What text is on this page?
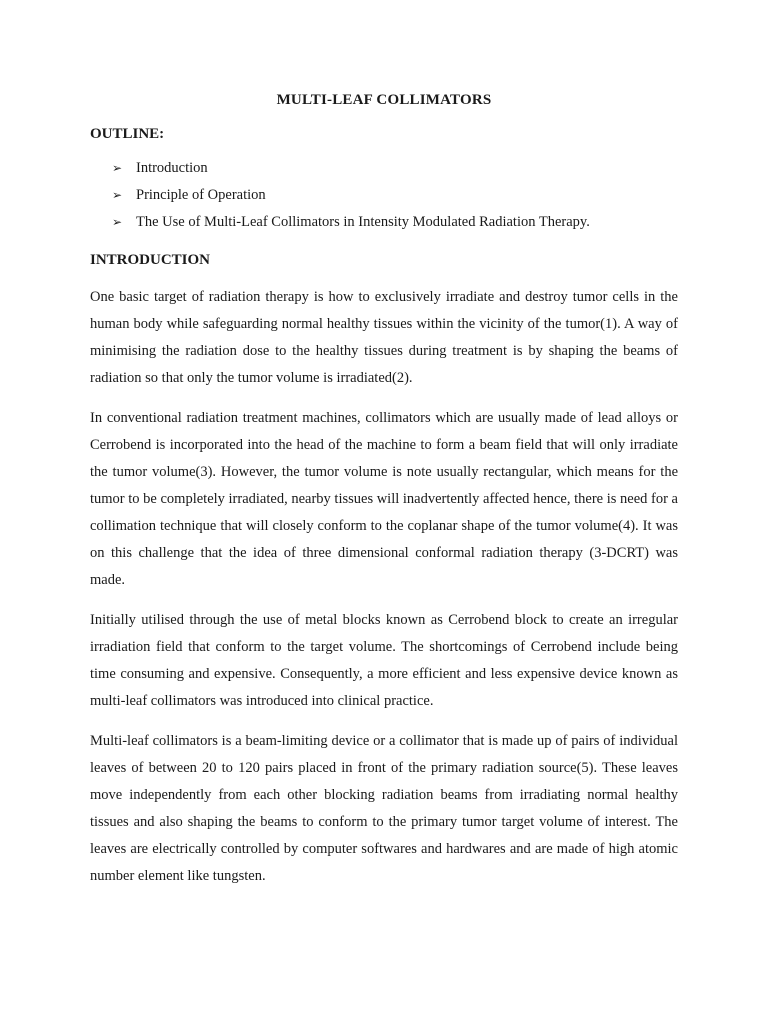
MULTI-LEAF COLLIMATORS
OUTLINE:
➢ Introduction
➢ Principle of Operation
➢ The Use of Multi-Leaf Collimators in Intensity Modulated Radiation Therapy.
INTRODUCTION

One basic target of radiation therapy is how to exclusively irradiate and destroy tumor cells in the human body while safeguarding normal healthy tissues within the vicinity of the tumor(1). A way of minimising the radiation dose to the healthy tissues during treatment is by shaping the beams of radiation so that only the tumor volume is irradiated(2).

In conventional radiation treatment machines, collimators which are usually made of lead alloys or Cerrobend is incorporated into the head of the machine to form a beam field that will only irradiate the tumor volume(3). However, the tumor volume is note usually rectangular, which means for the tumor to be completely irradiated, nearby tissues will inadvertently affected hence, there is need for a collimation technique that will closely conform to the coplanar shape of the tumor volume(4). It was on this challenge that the idea of three dimensional conformal radiation therapy (3-DCRT) was made.

Initially utilised through the use of metal blocks known as Cerrobend block to create an irregular irradiation field that conform to the target volume. The shortcomings of Cerrobend include being time consuming and expensive. Consequently, a more efficient and less expensive device known as multi-leaf collimators was introduced into clinical practice.

Multi-leaf collimators is a beam-limiting device or a collimator that is made up of pairs of individual leaves of between 20 to 120 pairs placed in front of the primary radiation source(5). These leaves move independently from each other blocking radiation beams from irradiating normal healthy tissues and also shaping the beams to conform to the primary tumor target volume of interest. The leaves are electrically controlled by computer softwares and hardwares and are made of high atomic number element like tungsten.
